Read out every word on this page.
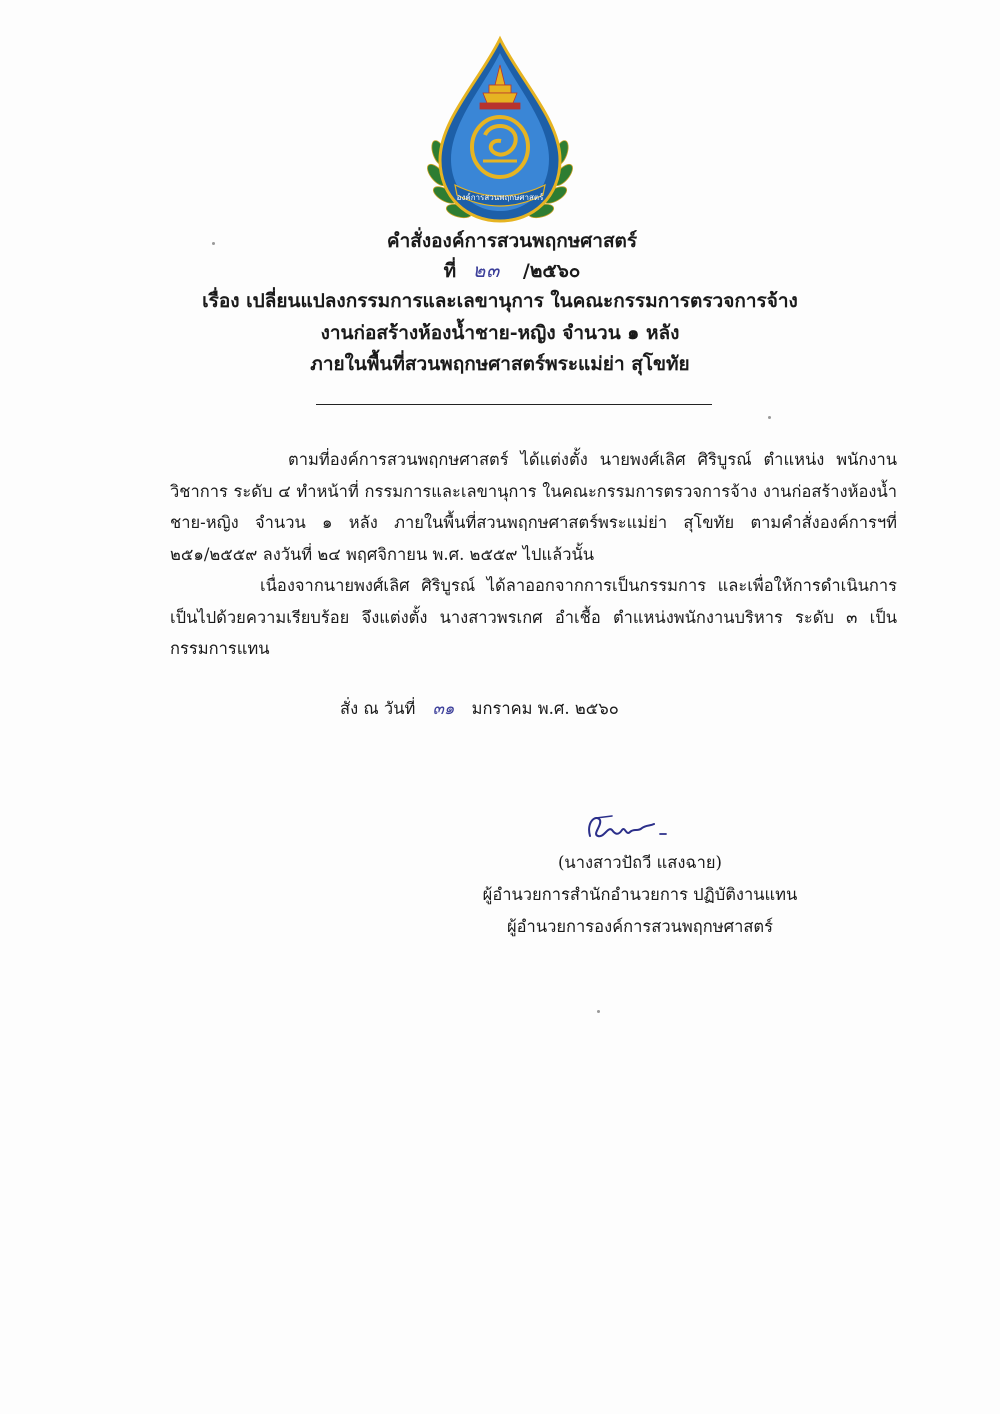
องค์การสวนพฤกษศาสตร์
คำสั่งองค์การสวนพฤกษศาสตร์
ที่ ๒๓ /๒๕๖๐
เรื่อง เปลี่ยนแปลงกรรมการและเลขานุการ ในคณะกรรมการตรวจการจ้าง
งานก่อสร้างห้องน้ำชาย-หญิง จำนวน ๑ หลัง
ภายในพื้นที่สวนพฤกษศาสตร์พระแม่ย่า สุโขทัย
ตามที่องค์การสวนพฤกษศาสตร์ ได้แต่งตั้ง นายพงศ์เลิศ ศิริบูรณ์ ตำแหน่ง พนักงานวิชาการ ระดับ ๔ ทำหน้าที่ กรรมการและเลขานุการ ในคณะกรรมการตรวจการจ้าง งานก่อสร้างห้องน้ำชาย-หญิง จำนวน ๑ หลัง ภายในพื้นที่สวนพฤกษศาสตร์พระแม่ย่า สุโขทัย ตามคำสั่งองค์การฯที่ ๒๕๑/๒๕๕๙ ลงวันที่ ๒๔ พฤศจิกายน พ.ศ. ๒๕๕๙ ไปแล้วนั้น
เนื่องจากนายพงศ์เลิศ ศิริบูรณ์ ได้ลาออกจากการเป็นกรรมการ และเพื่อให้การดำเนินการเป็นไปด้วยความเรียบร้อย จึงแต่งตั้ง นางสาวพรเกศ อำเชื้อ ตำแหน่งพนักงานบริหาร ระดับ ๓ เป็นกรรมการแทน
สั่ง ณ วันที่ ๓๑ มกราคม พ.ศ. ๒๕๖๐
(นางสาวปัถวี แสงฉาย)
ผู้อำนวยการสำนักอำนวยการ ปฏิบัติงานแทน
ผู้อำนวยการองค์การสวนพฤกษศาสตร์
